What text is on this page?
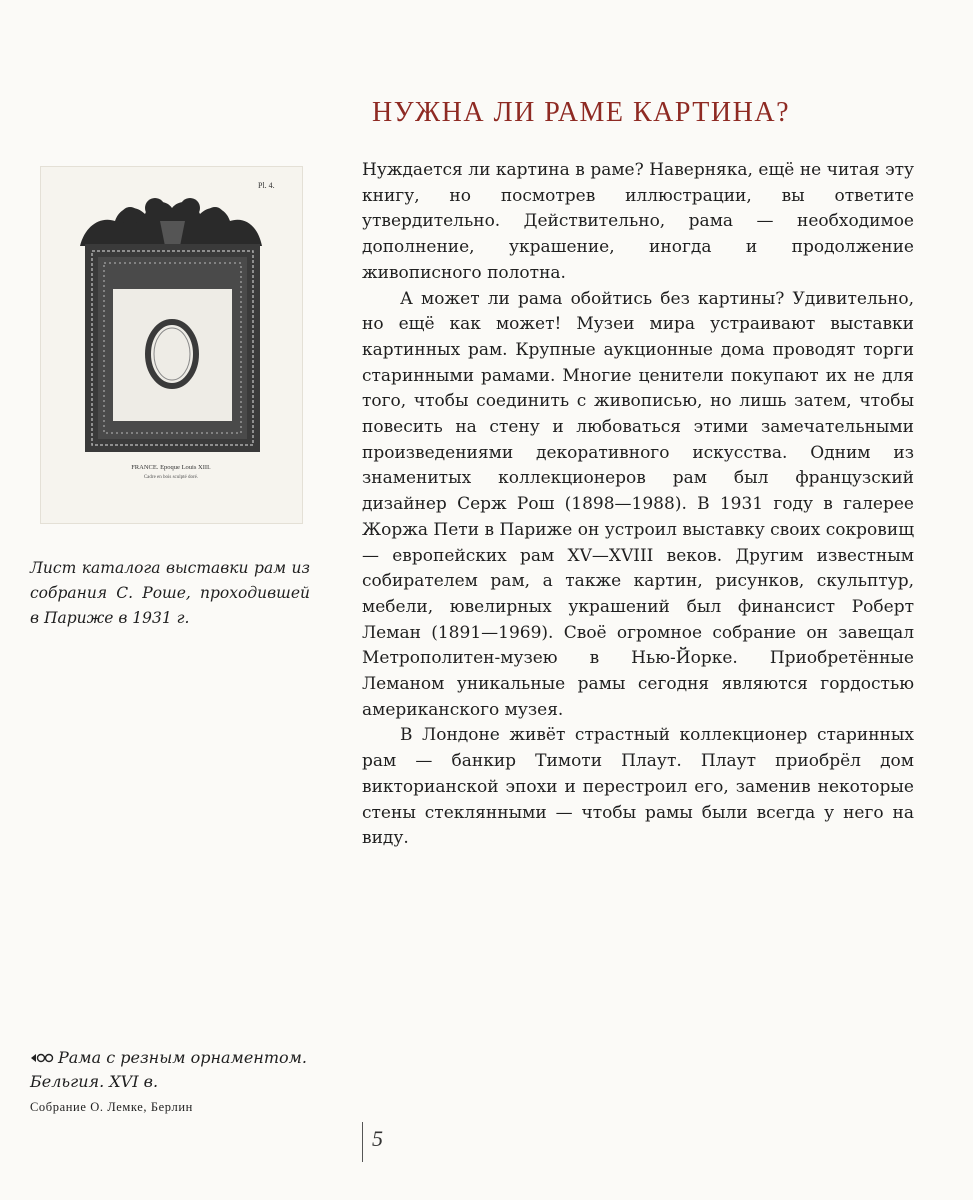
НУЖНА ЛИ РАМЕ КАРТИНА?
Pl. 4.
FRANCE. Epoque Louis XIII.
Cadre en bois sculpté doré.

Лист каталога выставки рам из собрания С. Роше, проходившей в Париже в 1931 г.

Нуждается ли картина в раме? Наверняка, ещё не читая эту книгу, но посмотрев иллюстрации, вы ответите утвердительно. Действительно, рама — необходимое дополнение, украшение, иногда и продолжение живописного полотна.

А может ли рама обойтись без картины? Удивительно, но ещё как может! Музеи мира устраивают выставки картинных рам. Крупные аукционные дома проводят торги старинными рамами. Многие ценители покупают их не для того, чтобы соединить с живописью, но лишь затем, чтобы повесить на стену и любоваться этими замечательными произведениями декоративного искусства. Одним из знаменитых коллекционеров рам был французский дизайнер Серж Рош (1898—1988). В 1931 году в галерее Жоржа Пети в Париже он устроил выставку своих сокровищ — европейских рам XV—XVIII веков. Другим известным собирателем рам, а также картин, рисунков, скульптур, мебели, ювелирных украшений был финансист Роберт Леман (1891—1969). Своё огромное собрание он завещал Метрополитен-музею в Нью-Йорке. Приобретённые Леманом уникальные рамы сегодня являются гордостью американского музея.

В Лондоне живёт страстный коллекционер старинных рам — банкир Тимоти Плаут. Плаут приобрёл дом викторианской эпохи и перестроил его, заменив некоторые стены стеклянными — чтобы рамы были всегда у него на виду.

Рама с резным орнаментом.
Бельгия. XVI в.
Собрание О. Лемке, Берлин
5
